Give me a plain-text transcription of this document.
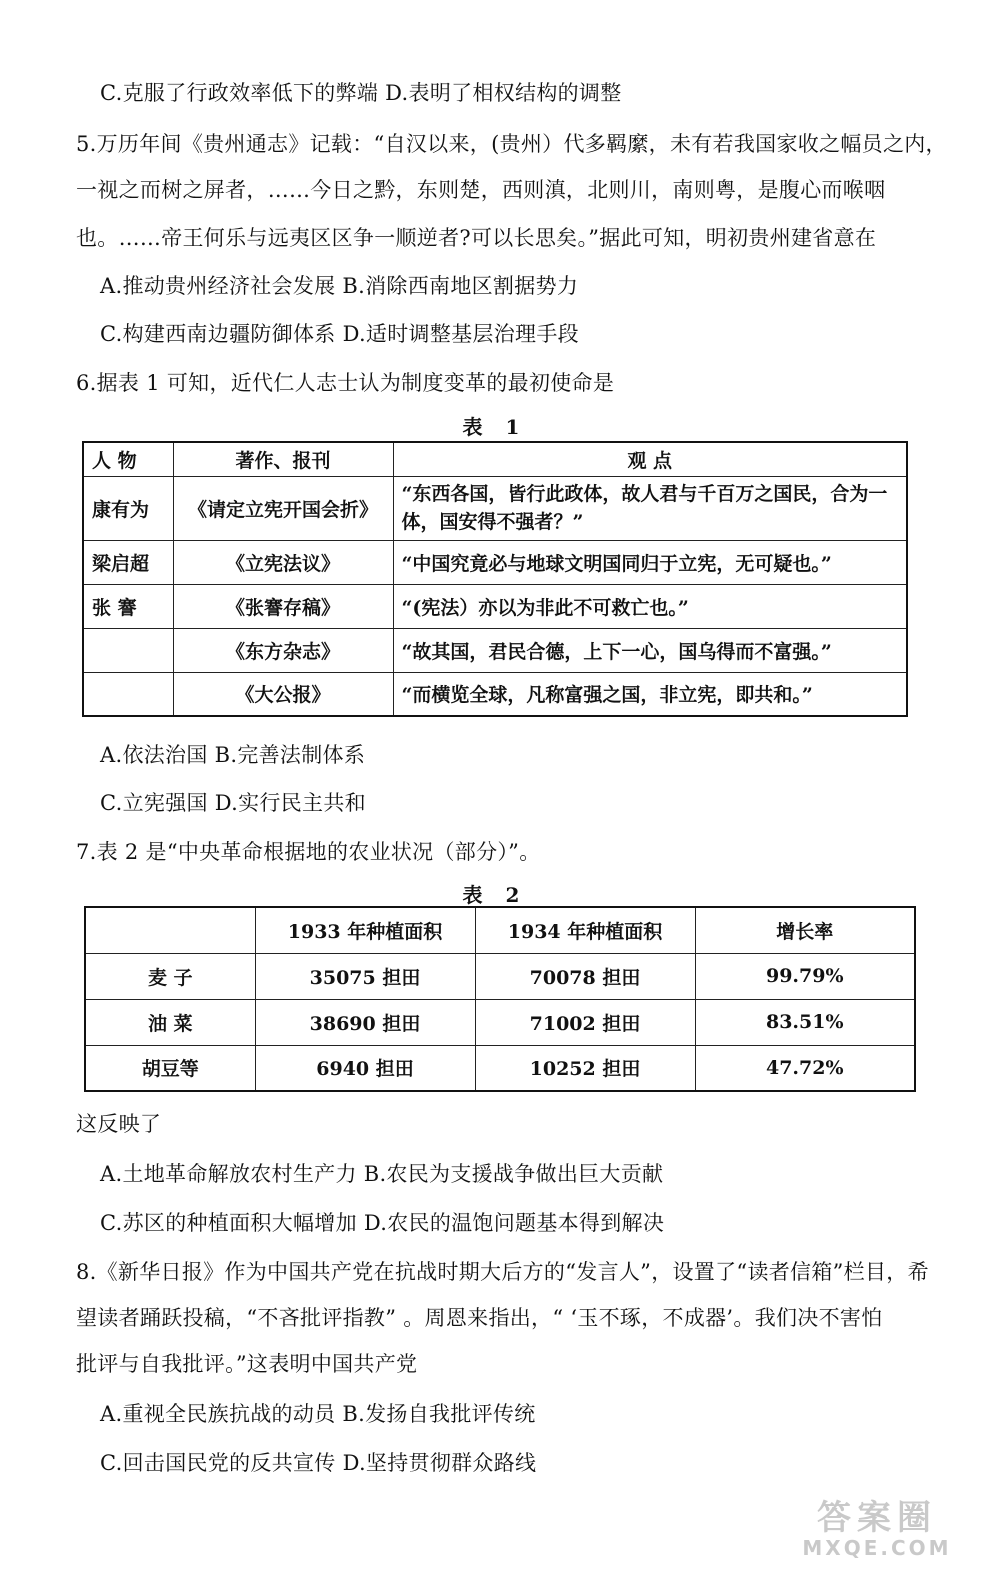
C.克服了行政效率低下的弊端 D.表明了相权结构的调整
5.万历年间《贵州通志》记载：“自汉以来，(贵州）代多羁縻，未有若我国家收之幅员之内，
一视之而树之屏者，……今日之黔，东则楚，西则滇，北则川，南则粤，是腹心而喉咽
也。……帝王何乐与远夷区区争一顺逆者?可以长思矣。”据此可知，明初贵州建省意在
A.推动贵州经济社会发展 B.消除西南地区割据势力
C.构建西南边疆防御体系 D.适时调整基层治理手段
6.据表 1 可知，近代仁人志士认为制度变革的最初使命是
表 1
人 物	著作、报刊	观 点
康有为	《请定立宪开国会折》	“东西各国，皆行此政体，故人君与千百万之国民，合为一体，国安得不强者？”
梁启超	《立宪法议》	“中国究竟必与地球文明国同归于立宪，无可疑也。”
张 謇	《张謇存稿》	“(宪法）亦以为非此不可救亡也。”
	《东方杂志》	“故其国，君民合德，上下一心，国乌得而不富强。”
	《大公报》	“而横览全球，凡称富强之国，非立宪，即共和。”
A.依法治国 B.完善法制体系
C.立宪强国 D.实行民主共和
7.表 2 是“中央革命根据地的农业状况（部分）”。
表 2
	1933 年种植面积	1934 年种植面积	增长率
麦 子	35075 担田	70078 担田	99.79%
油 菜	38690 担田	71002 担田	83.51%
胡豆等	6940 担田	10252 担田	47.72%
这反映了
A.土地革命解放农村生产力 B.农民为支援战争做出巨大贡献
C.苏区的种植面积大幅增加 D.农民的温饱问题基本得到解决
8.《新华日报》作为中国共产党在抗战时期大后方的“发言人”，设置了“读者信箱”栏目，希
望读者踊跃投稿，“不吝批评指教” 。周恩来指出，“ ‘玉不琢，不成器’。我们决不害怕
批评与自我批评。”这表明中国共产党
A.重视全民族抗战的动员 B.发扬自我批评传统
C.回击国民党的反共宣传 D.坚持贯彻群众路线
答案圈
MXQE.COM
